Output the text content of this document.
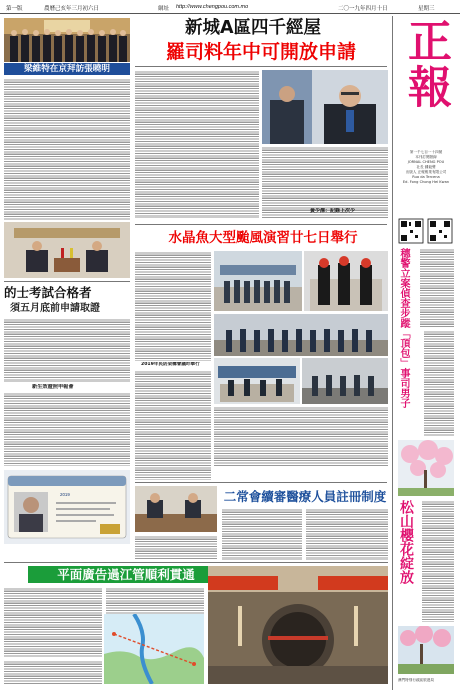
第一版	農曆己亥年三月初六日	網址 http://www.chengpou.com.mo	二〇一九年四月十日	星期三
梁維特在京拜訪張曉明
的士考試合格者
須五月底前申請取證
新生效證照申報會
2019
新城A區四千經屋
羅司料年中可開放申請
黃少澤：記錄上次少
水晶魚大型颱風演習廿七日舉行
2019年民防架構會議昨舉行
二常會續審醫療人員註冊制度
平面廣告過江管順利貫通
正報
第一千七百一十四號
本刊訂閱熱線
JORNAL CHENG POU
社長 鍾毅聲
出版人 正報報業有限公司
Rua da Tercena
Ed. Fong Chong Hei Kwan
穗警立案偵查步蹤「頂包」事司男子
松山櫻花綻放
澳門特別行政區旅遊局
